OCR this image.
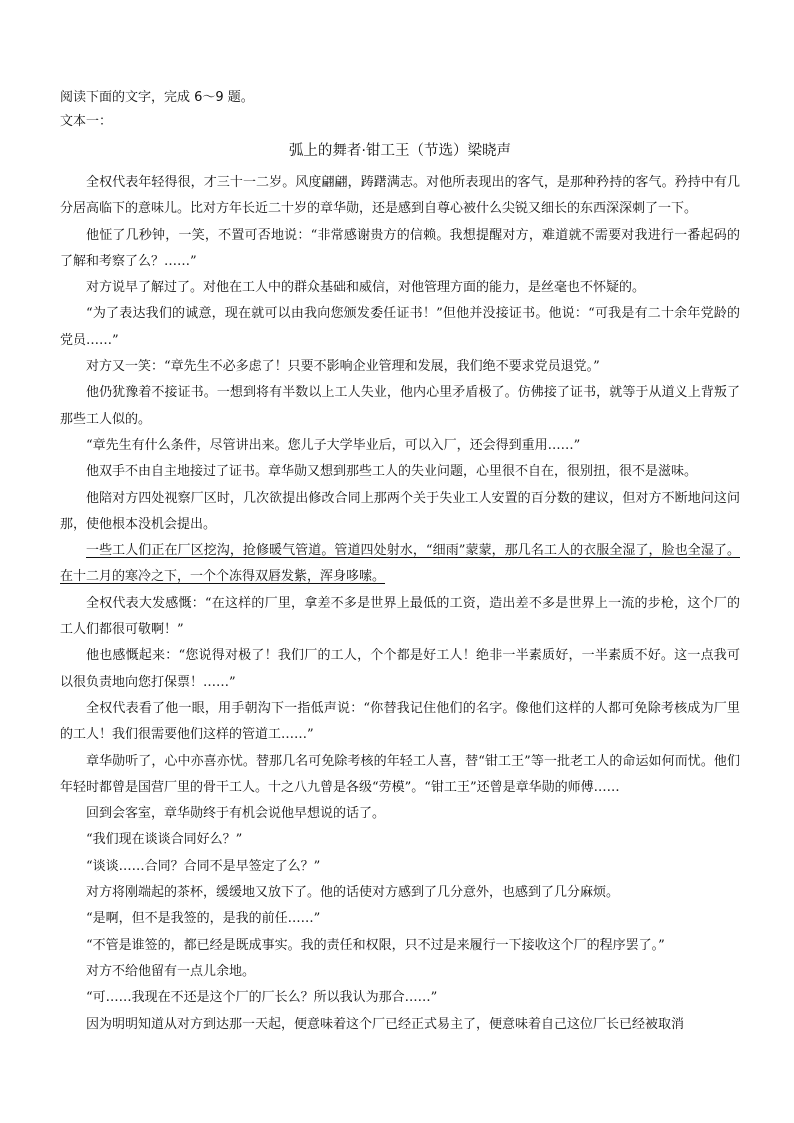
阅读下面的文字，完成 6～9 题。

文本一：

弧上的舞者·钳工王（节选）梁晓声

全权代表年轻得很，才三十一二岁。风度翩翩，踌躇满志。对他所表现出的客气，是那种矜持的客气。矜持中有几分居高临下的意味儿。比对方年长近二十岁的章华勋，还是感到自尊心被什么尖锐又细长的东西深深刺了一下。

他怔了几秒钟，一笑，不置可否地说：“非常感谢贵方的信赖。我想提醒对方，难道就不需要对我进行一番起码的了解和考察了么？……”

对方说早了解过了。对他在工人中的群众基础和威信，对他管理方面的能力，是丝毫也不怀疑的。

“为了表达我们的诚意，现在就可以由我向您颁发委任证书！”但他并没接证书。他说：“可我是有二十余年党龄的党员……”

对方又一笑：“章先生不必多虑了！只要不影响企业管理和发展，我们绝不要求党员退党。”

他仍犹豫着不接证书。一想到将有半数以上工人失业，他内心里矛盾极了。仿佛接了证书，就等于从道义上背叛了那些工人似的。

“章先生有什么条件，尽管讲出来。您儿子大学毕业后，可以入厂，还会得到重用……”

他双手不由自主地接过了证书。章华勋又想到那些工人的失业问题，心里很不自在，很别扭，很不是滋味。

他陪对方四处视察厂区时，几次欲提出修改合同上那两个关于失业工人安置的百分数的建议，但对方不断地问这问那，使他根本没机会提出。

一些工人们正在厂区挖沟，抢修暖气管道。管道四处射水，“细雨”蒙蒙，那几名工人的衣服全湿了，脸也全湿了。在十二月的寒冷之下，一个个冻得双唇发紫，浑身哆嗦。

全权代表大发感慨：“在这样的厂里，拿差不多是世界上最低的工资，造出差不多是世界上一流的步枪，这个厂的工人们都很可敬啊！”

他也感慨起来：“您说得对极了！我们厂的工人，个个都是好工人！绝非一半素质好，一半素质不好。这一点我可以很负责地向您打保票！……”

全权代表看了他一眼，用手朝沟下一指低声说：“你替我记住他们的名字。像他们这样的人都可免除考核成为厂里的工人！我们很需要他们这样的管道工……”

章华勋听了，心中亦喜亦忧。替那几名可免除考核的年轻工人喜，替“钳工王”等一批老工人的命运如何而忧。他们年轻时都曾是国营厂里的骨干工人。十之八九曾是各级“劳模”。“钳工王”还曾是章华勋的师傅……

回到会客室，章华勋终于有机会说他早想说的话了。

“我们现在谈谈合同好么？”

“谈谈……合同？合同不是早签定了么？”

对方将刚端起的茶杯，缓缓地又放下了。他的话使对方感到了几分意外，也感到了几分麻烦。

“是啊，但不是我签的，是我的前任……”

“不管是谁签的，都已经是既成事实。我的责任和权限，只不过是来履行一下接收这个厂的程序罢了。”

对方不给他留有一点儿余地。

“可……我现在不还是这个厂的厂长么？所以我认为那合……”

因为明明知道从对方到达那一天起，便意味着这个厂已经正式易主了，便意味着自己这位厂长已经被取消
